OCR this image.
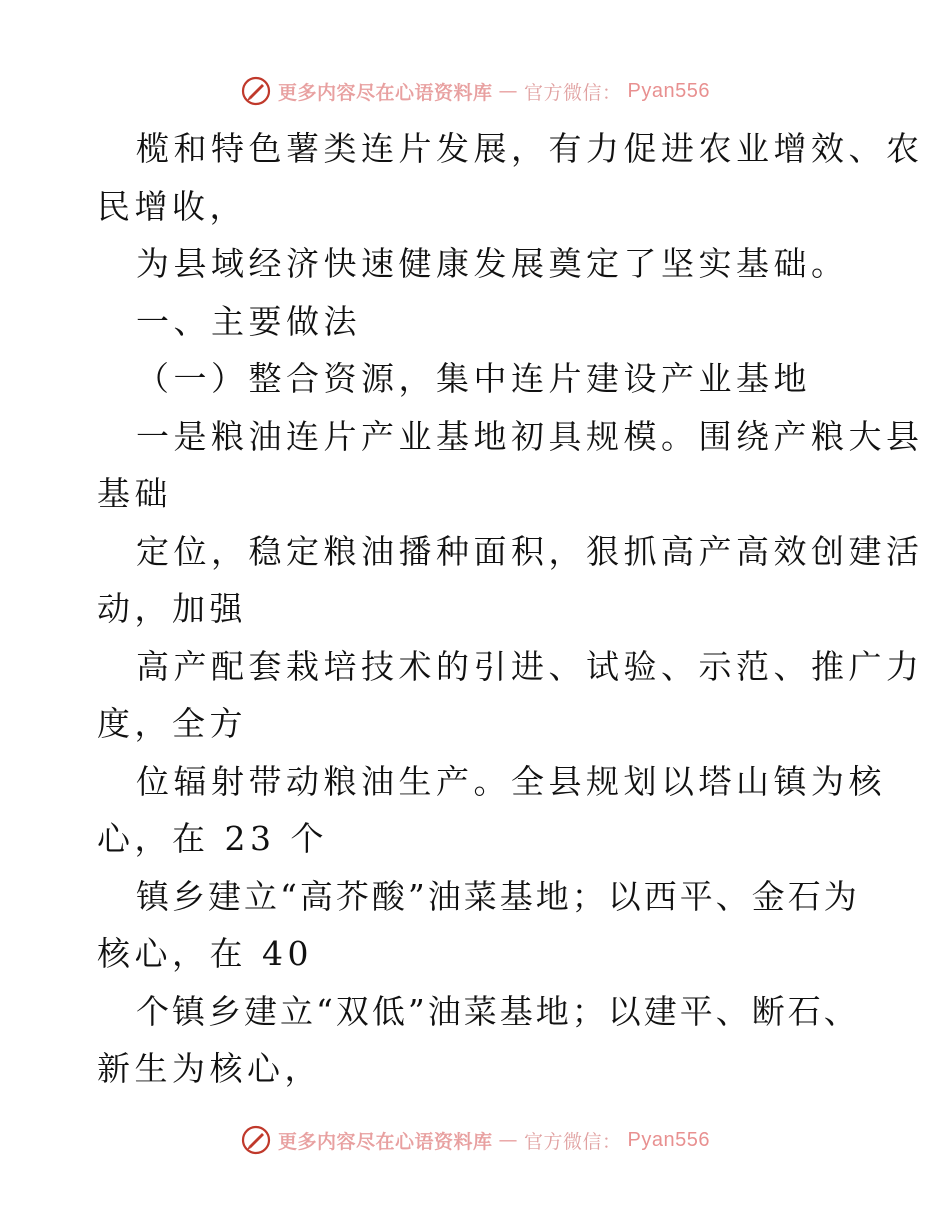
更多内容尽在心语资料库 — 官方微信： Pyan556
榄和特色薯类连片发展，有力促进农业增效、农
民增收，
为县域经济快速健康发展奠定了坚实基础。
一、主要做法
（一）整合资源，集中连片建设产业基地
一是粮油连片产业基地初具规模。围绕产粮大县
基础
定位，稳定粮油播种面积，狠抓高产高效创建活
动，加强
高产配套栽培技术的引进、试验、示范、推广力
度，全方
位辐射带动粮油生产。全县规划以塔山镇为核
心，在 23 个
镇乡建立“高芥酸”油菜基地；以西平、金石为
核心，在 40
个镇乡建立“双低”油菜基地；以建平、断石、
新生为核心，
更多内容尽在心语资料库 — 官方微信： Pyan556
